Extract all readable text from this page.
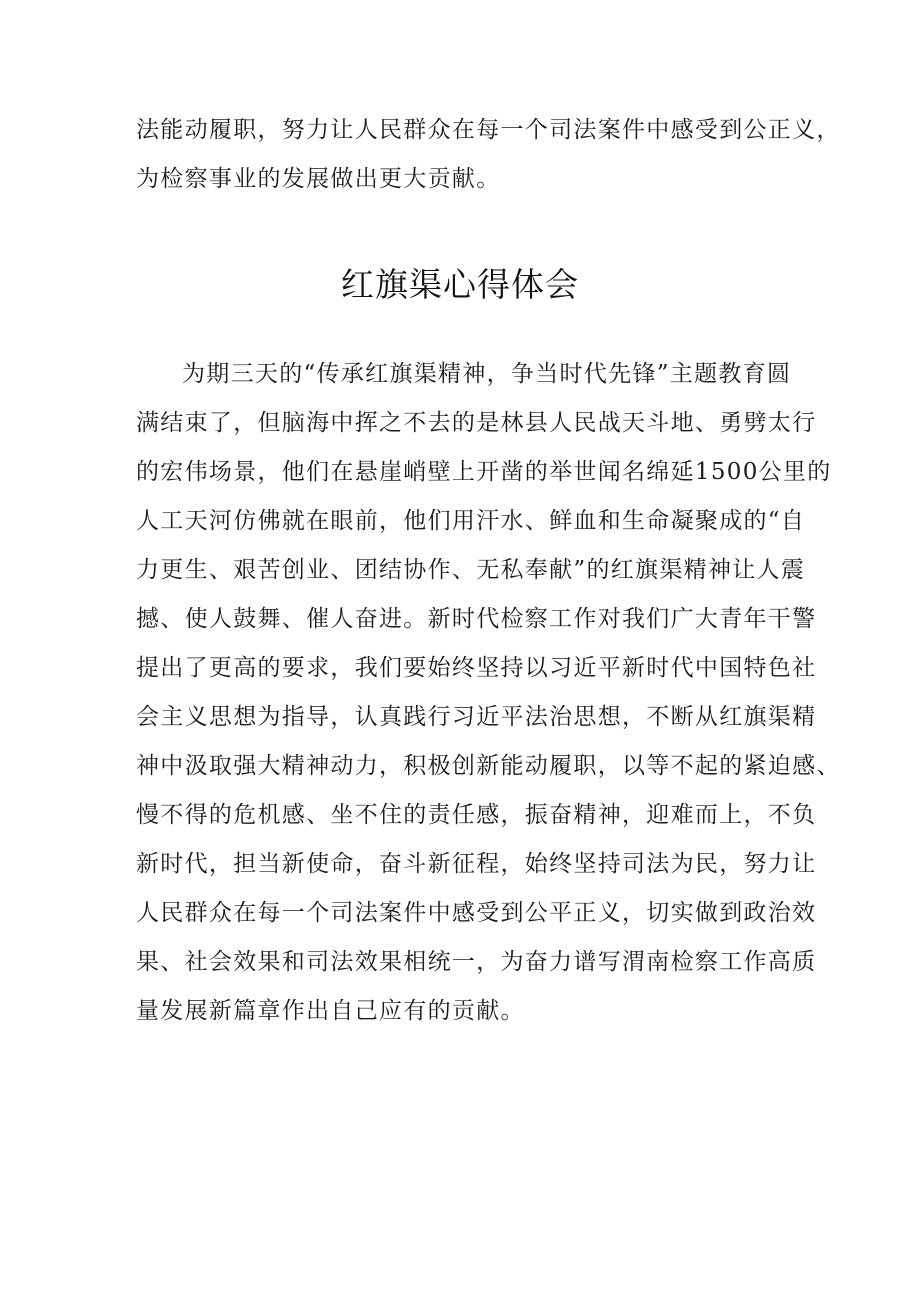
法能动履职，努力让人民群众在每一个司法案件中感受到公正义，
为检察事业的发展做出更大贡献。
红旗渠心得体会
为期三天的“传承红旗渠精神，争当时代先锋”主题教育圆
满结束了，但脑海中挥之不去的是林县人民战天斗地、勇劈太行
的宏伟场景，他们在悬崖峭壁上开凿的举世闻名绵延1500公里的
人工天河仿佛就在眼前，他们用汗水、鲜血和生命凝聚成的“自
力更生、艰苦创业、团结协作、无私奉献”的红旗渠精神让人震
撼、使人鼓舞、催人奋进。新时代检察工作对我们广大青年干警
提出了更高的要求，我们要始终坚持以习近平新时代中国特色社
会主义思想为指导，认真践行习近平法治思想，不断从红旗渠精
神中汲取强大精神动力，积极创新能动履职，以等不起的紧迫感、
慢不得的危机感、坐不住的责任感，振奋精神，迎难而上，不负
新时代，担当新使命，奋斗新征程，始终坚持司法为民，努力让
人民群众在每一个司法案件中感受到公平正义，切实做到政治效
果、社会效果和司法效果相统一，为奋力谱写渭南检察工作高质
量发展新篇章作出自己应有的贡献。
